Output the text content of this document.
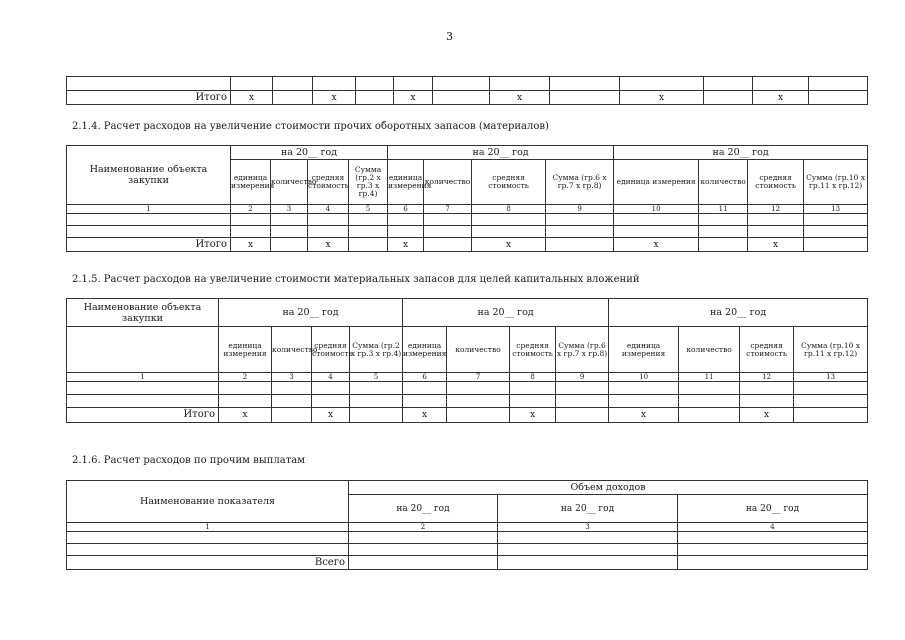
3

Итого	x		x		x		x		x		x	
2.1.4. Расчет расходов на увеличение стоимости прочих оборотных запасов (материалов)
Наименование объекта закупки	на 20__ год				на 20__ год				на 20__ год			
	единица измерения	количество	средняя стоимость	Сумма (гр.2 х гр.3 х гр.4)	единица измерения	количество	средняя стоимость	Сумма (гр.6 х гр.7 х гр.8)	единица измерения	количество	средняя стоимость	Сумма (гр.10 х гр.11 х гр.12)
1	2	3	4	5	6	7	8	9	10	11	12	13

Итого	x		x		x		x		x		x	
2.1.5. Расчет расходов на увеличение стоимости материальных запасов для целей капитальных вложений
Наименование объекта закупки	на 20__ год				на 20__ год				на 20__ год			
	единица измерения	количество	средняя стоимость	Сумма (гр.2 х гр.3 х гр.4)	единица измерения	количество	средняя стоимость	Сумма (гр.6 х гр.7 х гр.8)	единица измерения	количество	средняя стоимость	Сумма (гр.10 х гр.11 х гр.12)
1	2	3	4	5	6	7	8	9	10	11	12	13

Итого	x		x		x		x		x		x	
2.1.6. Расчет расходов по прочим выплатам
Наименование показателя	Объем доходов		
	на 20__ год	на 20__ год	на 20__ год
1	2	3	4

Всего			
